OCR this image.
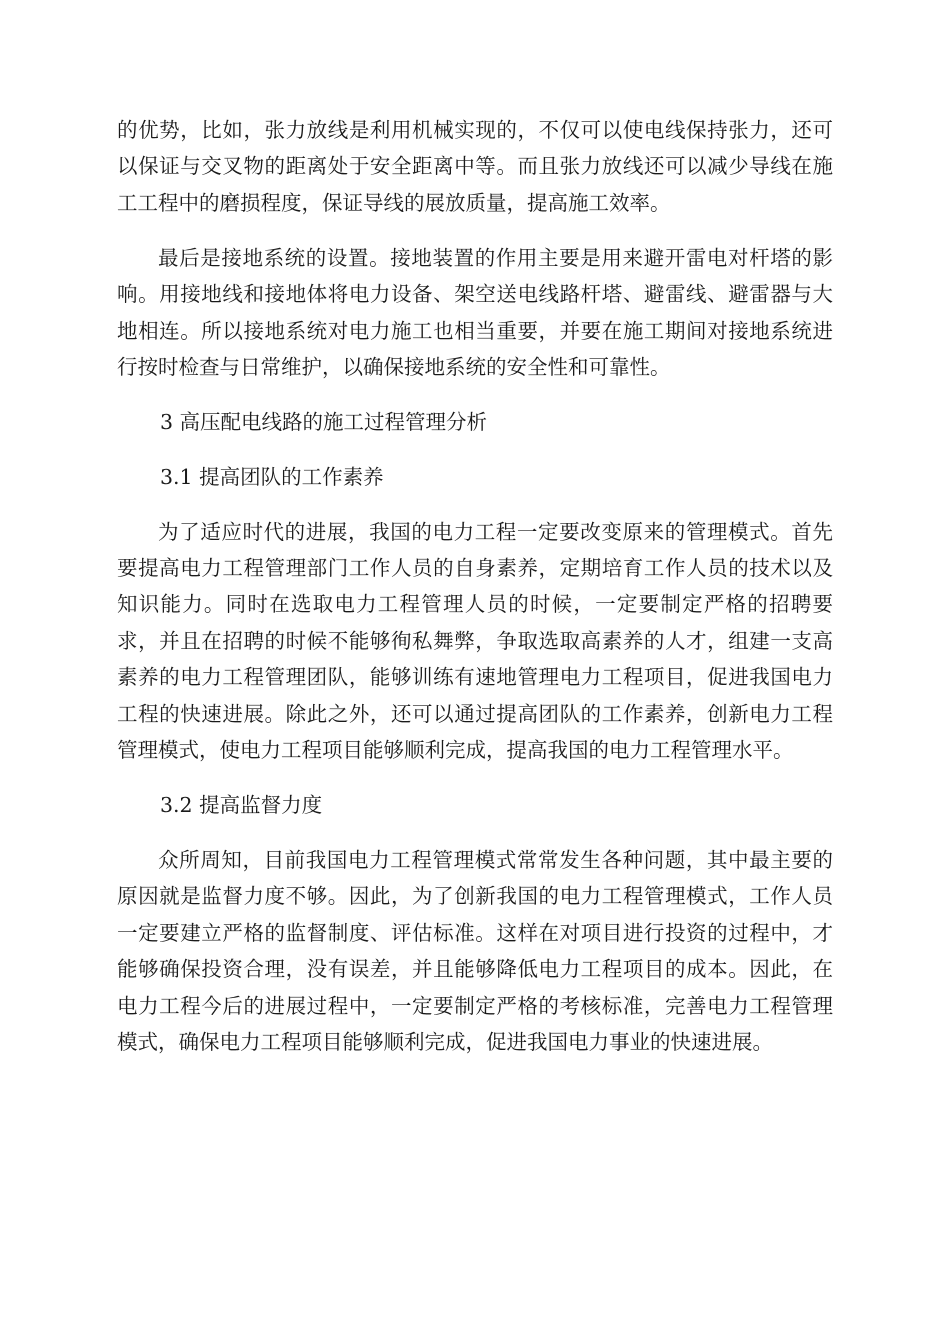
的优势，比如，张力放线是利用机械实现的，不仅可以使电线保持张力，还可以保证与交叉物的距离处于安全距离中等。而且张力放线还可以减少导线在施工工程中的磨损程度，保证导线的展放质量，提高施工效率。

最后是接地系统的设置。接地装置的作用主要是用来避开雷电对杆塔的影响。用接地线和接地体将电力设备、架空送电线路杆塔、避雷线、避雷器与大地相连。所以接地系统对电力施工也相当重要，并要在施工期间对接地系统进行按时检查与日常维护，以确保接地系统的安全性和可靠性。

3 高压配电线路的施工过程管理分析

3.1 提高团队的工作素养

为了适应时代的进展，我国的电力工程一定要改变原来的管理模式。首先要提高电力工程管理部门工作人员的自身素养，定期培育工作人员的技术以及知识能力。同时在选取电力工程管理人员的时候，一定要制定严格的招聘要求，并且在招聘的时候不能够徇私舞弊，争取选取高素养的人才，组建一支高素养的电力工程管理团队，能够训练有速地管理电力工程项目，促进我国电力工程的快速进展。除此之外，还可以通过提高团队的工作素养，创新电力工程管理模式，使电力工程项目能够顺利完成，提高我国的电力工程管理水平。

3.2 提高监督力度

众所周知，目前我国电力工程管理模式常常发生各种问题，其中最主要的原因就是监督力度不够。因此，为了创新我国的电力工程管理模式，工作人员一定要建立严格的监督制度、评估标准。这样在对项目进行投资的过程中，才能够确保投资合理，没有误差，并且能够降低电力工程项目的成本。因此，在电力工程今后的进展过程中，一定要制定严格的考核标准，完善电力工程管理模式，确保电力工程项目能够顺利完成，促进我国电力事业的快速进展。
